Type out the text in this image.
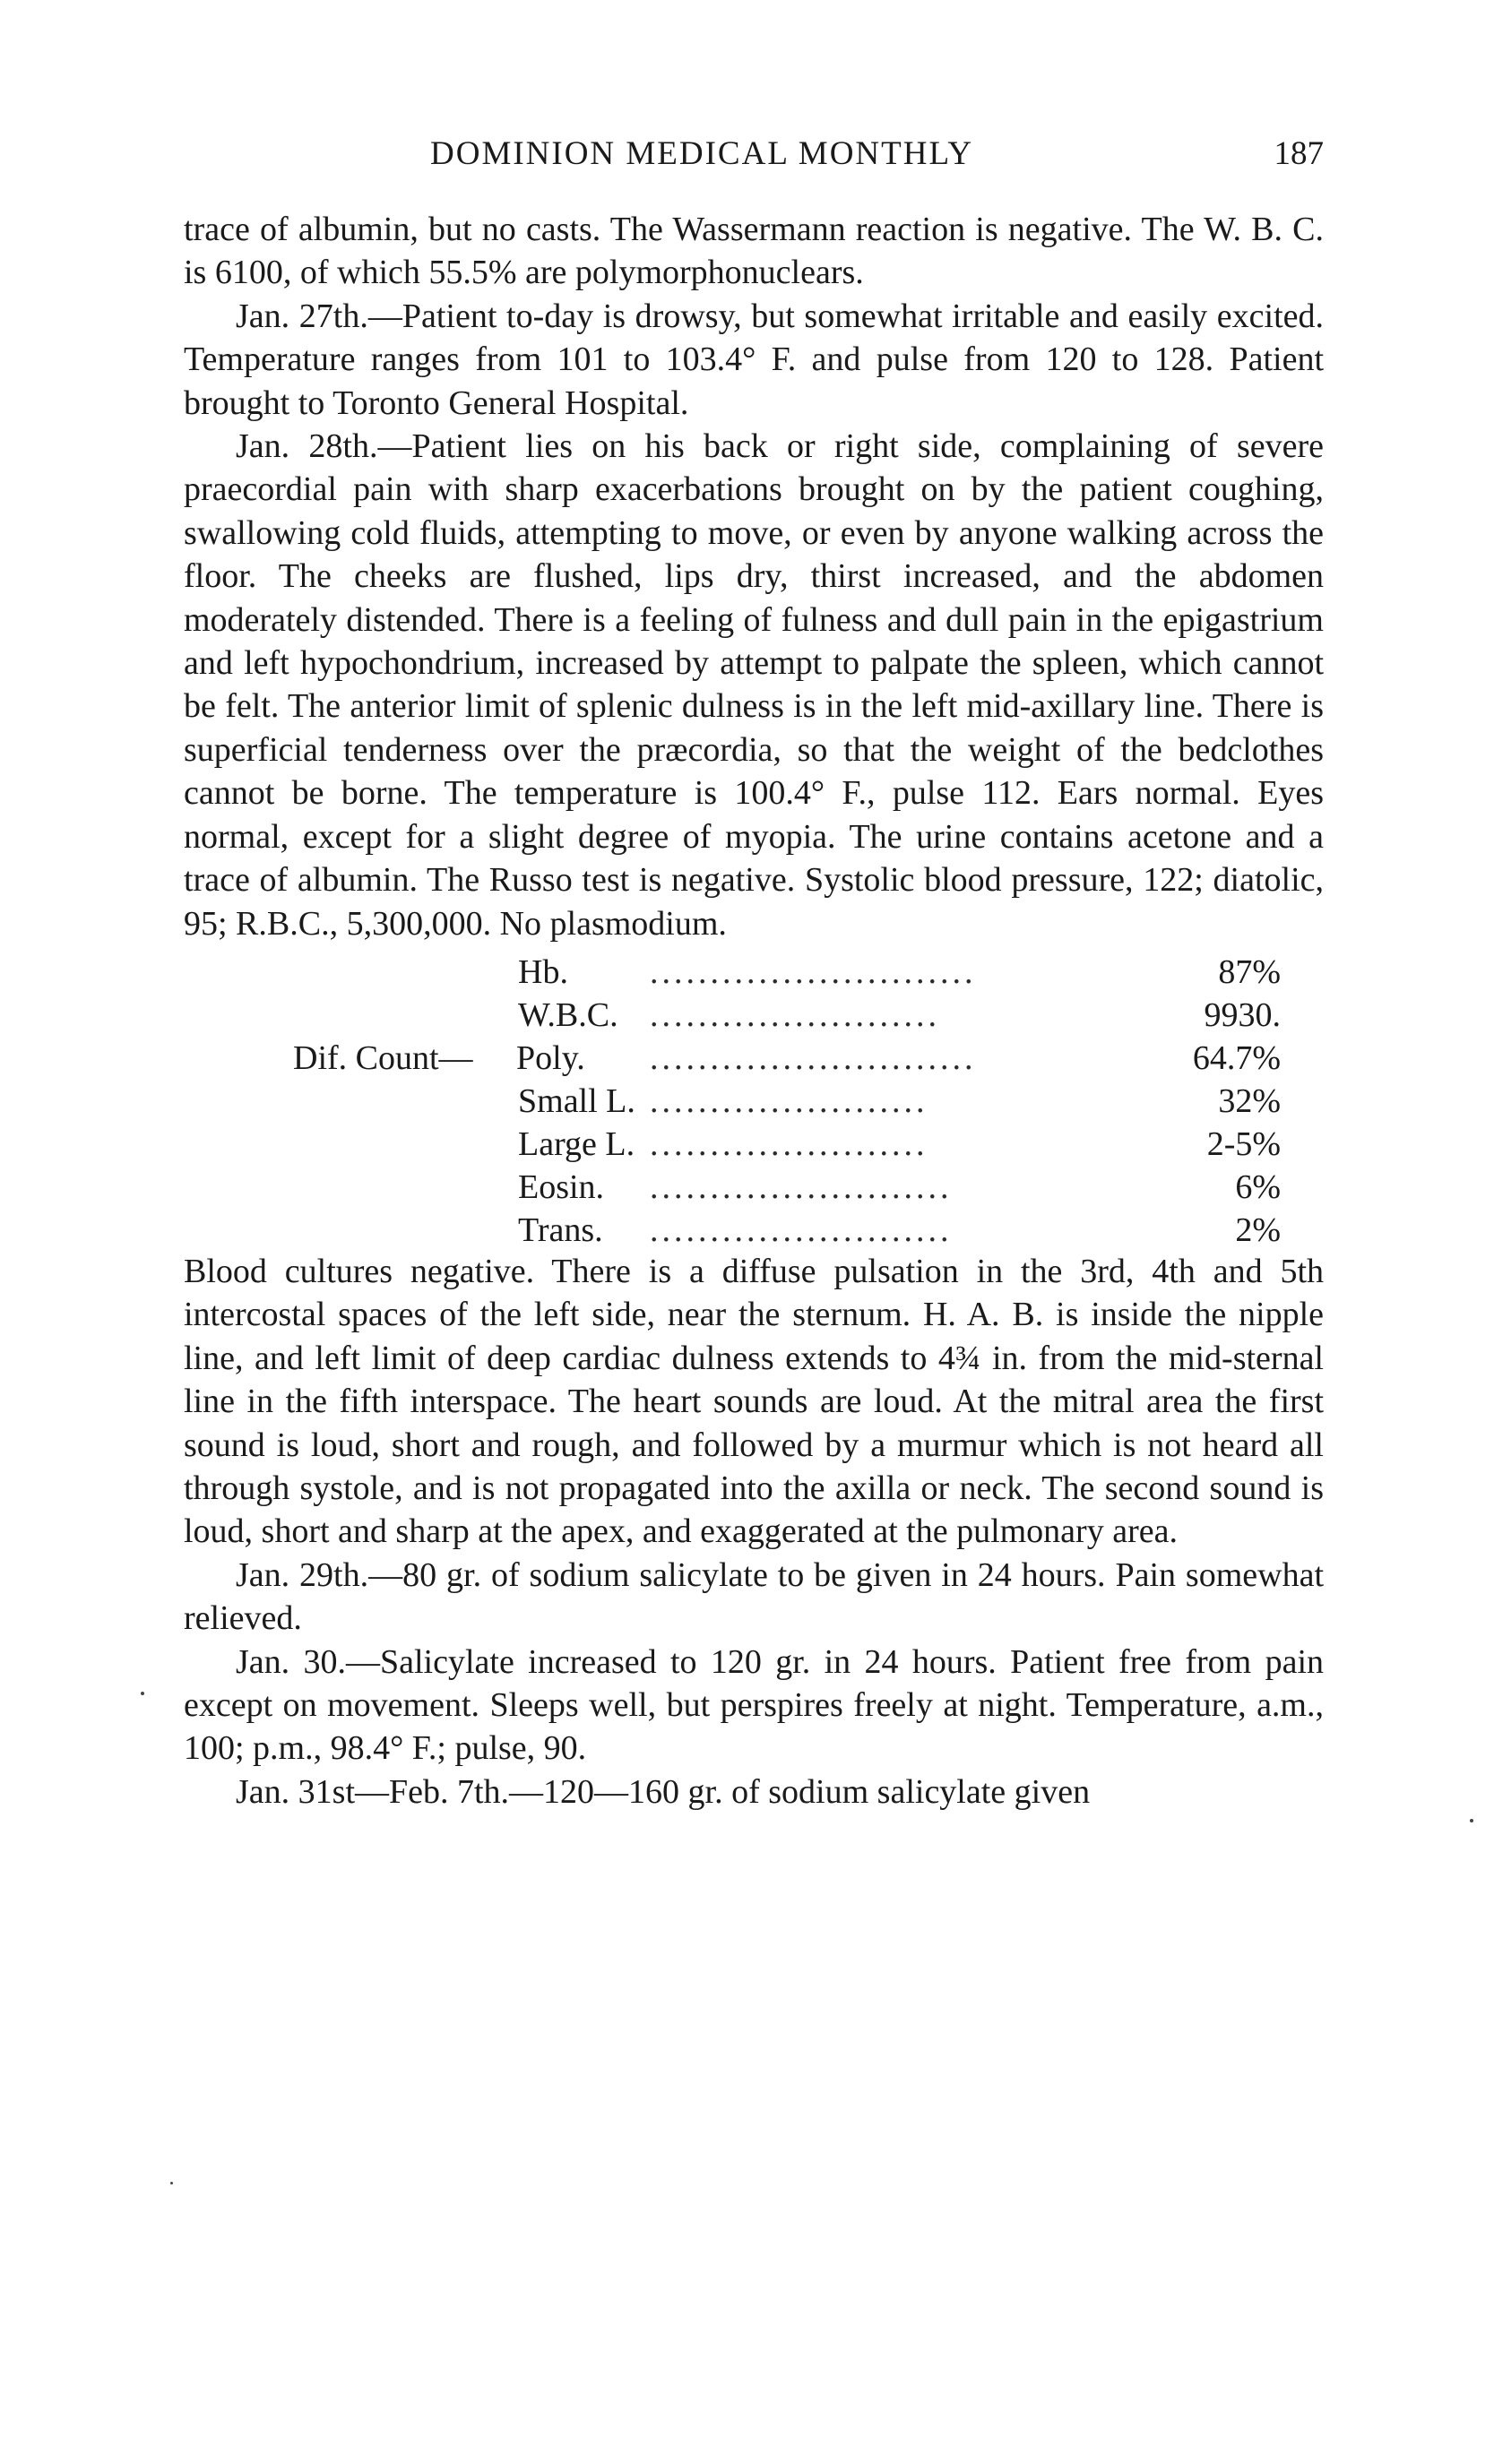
DOMINION MEDICAL MONTHLY	187

trace of albumin, but no casts. The Wassermann reaction is negative. The W. B. C. is 6100, of which 55.5% are polymorphonuclears.

Jan. 27th.—Patient to-day is drowsy, but somewhat irritable and easily excited. Temperature ranges from 101 to 103.4° F. and pulse from 120 to 128. Patient brought to Toronto General Hospital.

Jan. 28th.—Patient lies on his back or right side, complaining of severe praecordial pain with sharp exacerbations brought on by the patient coughing, swallowing cold fluids, attempting to move, or even by anyone walking across the floor. The cheeks are flushed, lips dry, thirst increased, and the abdomen moderately distended. There is a feeling of fulness and dull pain in the epigastrium and left hypochondrium, increased by attempt to palpate the spleen, which cannot be felt. The anterior limit of splenic dulness is in the left mid-axillary line. There is superficial tenderness over the præcordia, so that the weight of the bedclothes cannot be borne. The temperature is 100.4° F., pulse 112. Ears normal. Eyes normal, except for a slight degree of myopia. The urine contains acetone and a trace of albumin. The Russo test is negative. Systolic blood pressure, 122; diatolic, 95; R.B.C., 5,300,000. No plasmodium.

Hb. ...........................	87%
W.B.C. ........................	9930.
Dif. Count— Poly. ...........................	64.7%
Small L. .......................	32%
Large L. .......................	2-5%
Eosin. .........................	6%
Trans. .........................	2%

Blood cultures negative. There is a diffuse pulsation in the 3rd, 4th and 5th intercostal spaces of the left side, near the sternum. H. A. B. is inside the nipple line, and left limit of deep cardiac dulness extends to 4¾ in. from the mid-sternal line in the fifth interspace. The heart sounds are loud. At the mitral area the first sound is loud, short and rough, and followed by a murmur which is not heard all through systole, and is not propagated into the axilla or neck. The second sound is loud, short and sharp at the apex, and exaggerated at the pulmonary area.

Jan. 29th.—80 gr. of sodium salicylate to be given in 24 hours. Pain somewhat relieved.

Jan. 30.—Salicylate increased to 120 gr. in 24 hours. Patient free from pain except on movement. Sleeps well, but perspires freely at night. Temperature, a.m., 100; p.m., 98.4° F.; pulse, 90.

Jan. 31st—Feb. 7th.—120—160 gr. of sodium salicylate given
